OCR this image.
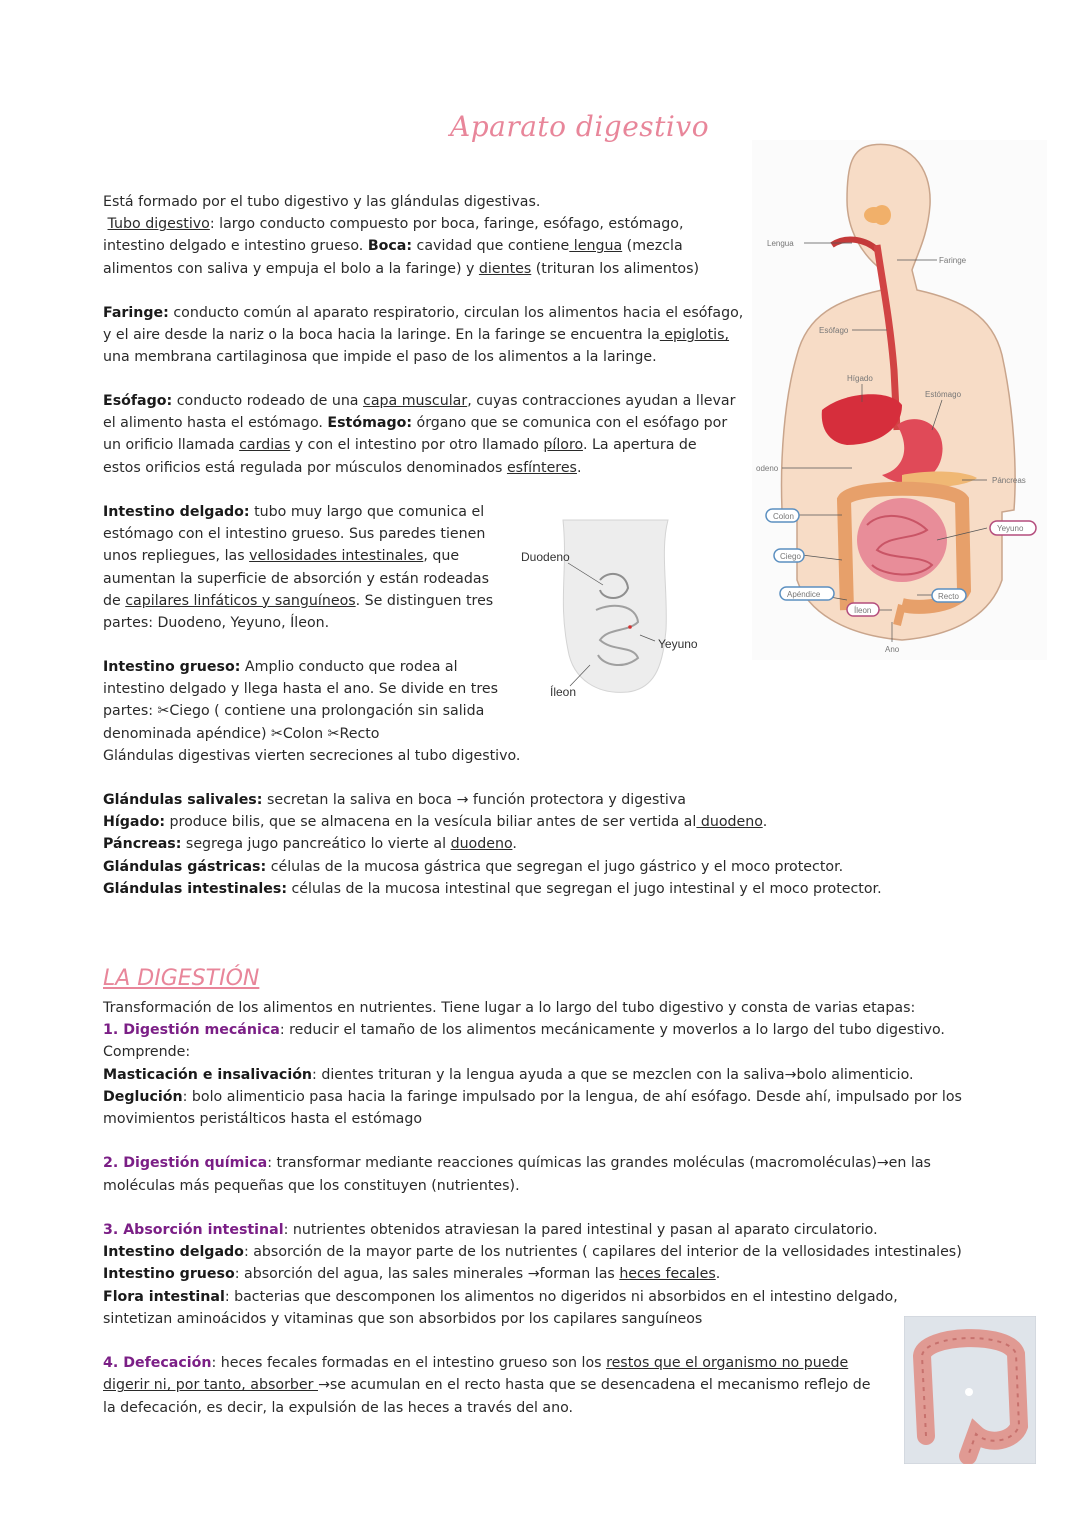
Aparato digestivo

Está formado por el tubo digestivo y las glándulas digestivas.

Tubo digestivo: largo conducto compuesto por boca, faringe, esófago, estómago,

intestino delgado e intestino grueso. Boca: cavidad que contiene lengua (mezcla

alimentos con saliva y empuja el bolo a la faringe) y dientes (trituran los alimentos)

Faringe: conducto común al aparato respiratorio, circulan los alimentos hacia el esófago,

y el aire desde la nariz o la boca hacia la laringe. En la faringe se encuentra la epiglotis,

una membrana cartilaginosa que impide el paso de los alimentos a la laringe.

Esófago: conducto rodeado de una capa muscular, cuyas contracciones ayudan a llevar

el alimento hasta el estómago. Estómago: órgano que se comunica con el esófago por

un orificio llamada cardias y con el intestino por otro llamado píloro. La apertura de

estos orificios está regulada por músculos denominados esfínteres.

Intestino delgado: tubo muy largo que comunica el

estómago con el intestino grueso. Sus paredes tienen

unos repliegues, las vellosidades intestinales, que

aumentan la superficie de absorción y están rodeadas

de capilares linfáticos y sanguíneos. Se distinguen tres

partes: Duodeno, Yeyuno, Íleon.

Intestino grueso: Amplio conducto que rodea al

intestino delgado y llega hasta el ano. Se divide en tres

partes: ✂Ciego ( contiene una prolongación sin salida

denominada apéndice) ✂Colon ✂Recto

Glándulas digestivas vierten secreciones al tubo digestivo.

Glándulas salivales: secretan la saliva en boca → función protectora y digestiva

Hígado: produce bilis, que se almacena en la vesícula biliar antes de ser vertida al duodeno.

Páncreas: segrega jugo pancreático lo vierte al duodeno.

Glándulas gástricas: células de la mucosa gástrica que segregan el jugo gástrico y el moco protector.

Glándulas intestinales: células de la mucosa intestinal que segregan el jugo intestinal y el moco protector.

LA DIGESTIÓN

Transformación de los alimentos en nutrientes. Tiene lugar a lo largo del tubo digestivo y consta de varias etapas:

1. Digestión mecánica: reducir el tamaño de los alimentos mecánicamente y moverlos a lo largo del tubo digestivo.

Comprende:

Masticación e insalivación: dientes trituran y la lengua ayuda a que se mezclen con la saliva→bolo alimenticio.

Deglución: bolo alimenticio pasa hacia la faringe impulsado por la lengua, de ahí esófago. Desde ahí, impulsado por los

movimientos peristálticos hasta el estómago

2. Digestión química: transformar mediante reacciones químicas las grandes moléculas (macromoléculas)→en las

moléculas más pequeñas que los constituyen (nutrientes).

3. Absorción intestinal: nutrientes obtenidos atraviesan la pared intestinal y pasan al aparato circulatorio.

Intestino delgado: absorción de la mayor parte de los nutrientes ( capilares del interior de la vellosidades intestinales)

Intestino grueso: absorción del agua, las sales minerales →forman las heces fecales.

Flora intestinal: bacterias que descomponen los alimentos no digeridos ni absorbidos en el intestino delgado,

sintetizan aminoácidos y vitaminas que son absorbidos por los capilares sanguíneos

4. Defecación: heces fecales formadas en el intestino grueso son los restos que el organismo no puede

digerir ni, por tanto, absorber →se acumulan en el recto hasta que se desencadena el mecanismo reflejo de

la defecación, es decir, la expulsión de las heces a través del ano.

Lengua
Faringe
Esófago
Hígado
Estómago
odeno
Páncreas
Ano
Colon
Yeyuno
Ciego
Apéndice	Recto
Íleon
Duodeno
Yeyuno
Íleon
